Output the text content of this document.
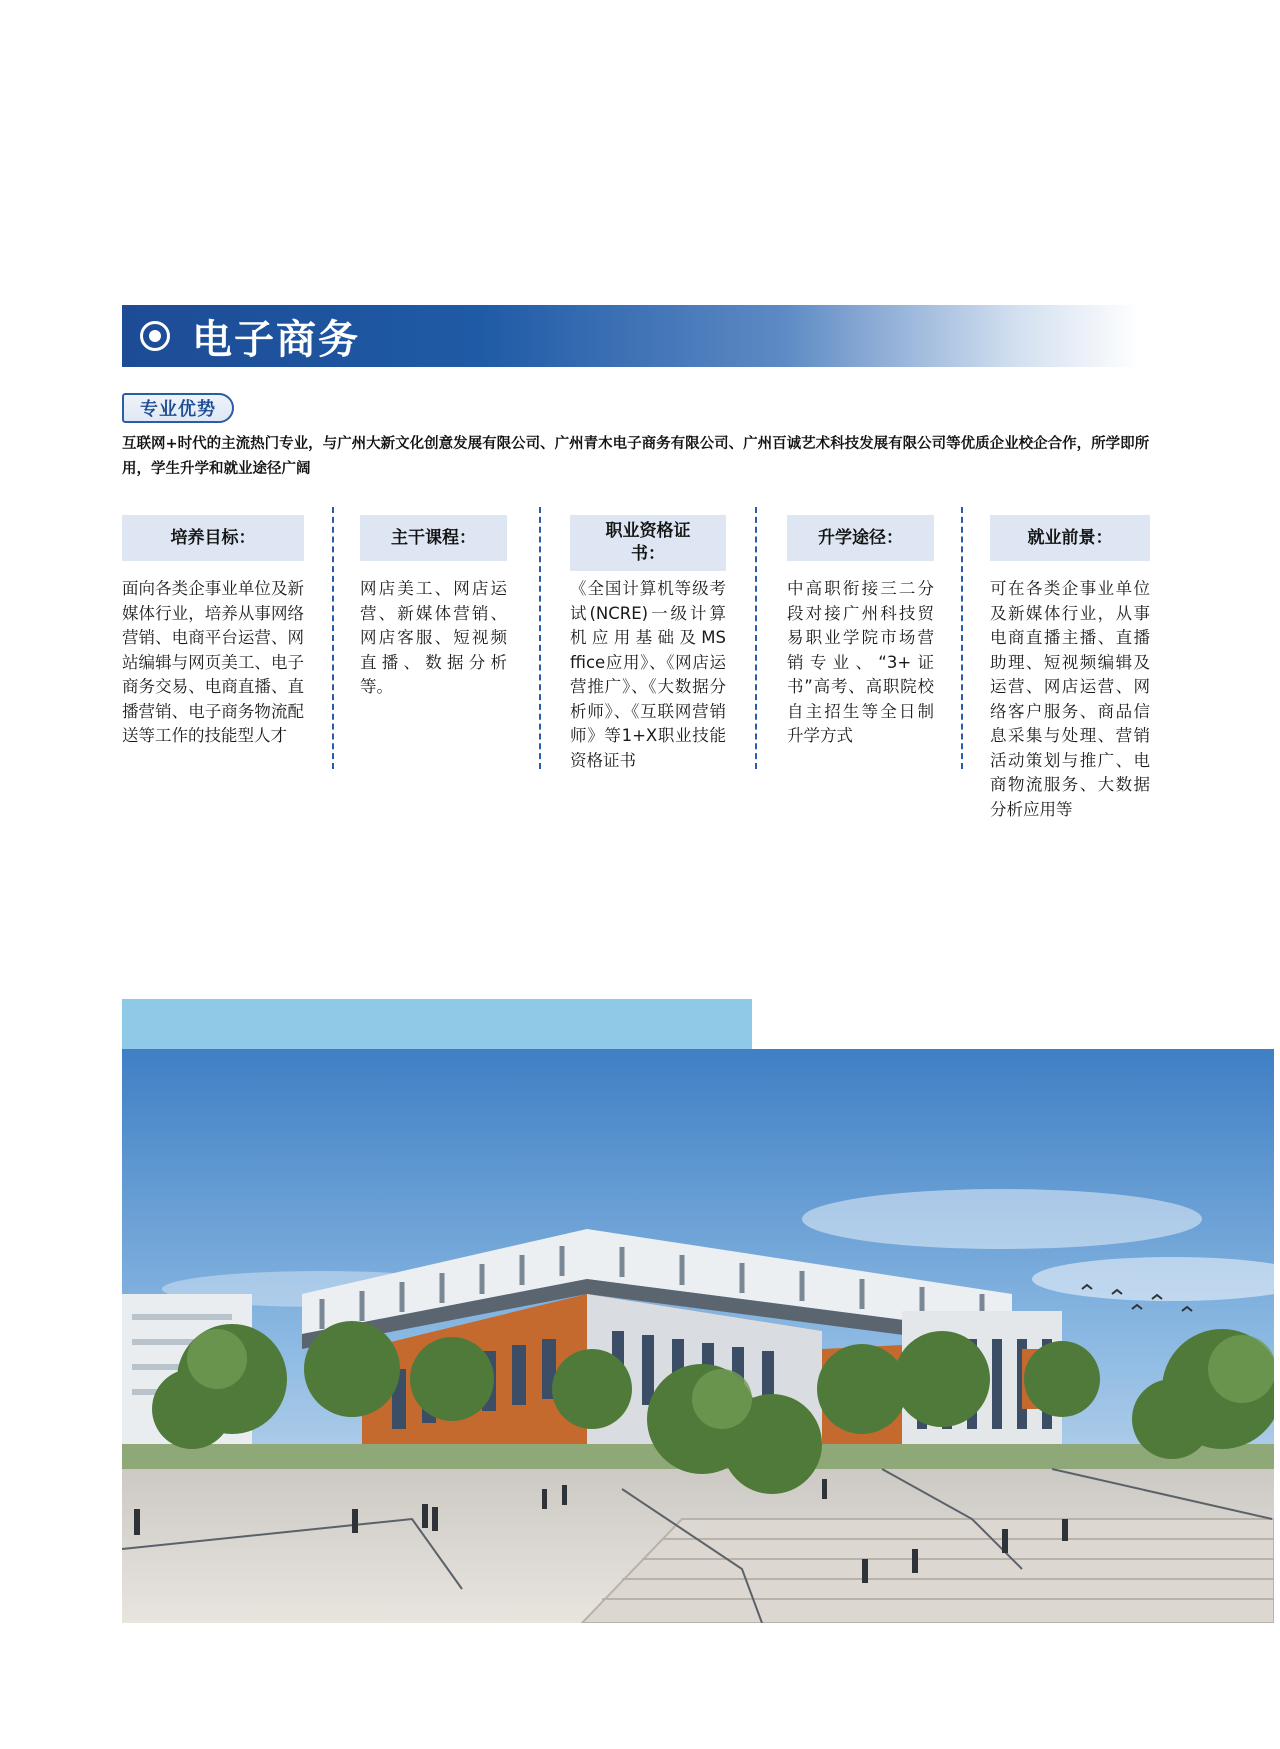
电子商务
专业优势

互联网+时代的主流热门专业，与广州大新文化创意发展有限公司、广州青木电子商务有限公司、广州百诚艺术科技发展有限公司等优质企业校企合作，所学即所用，学生升学和就业途径广阔

培养目标：

面向各类企事业单位及新媒体行业，培养从事网络营销、电商平台运营、网站编辑与网页美工、电子商务交易、电商直播、直播营销、电子商务物流配送等工作的技能型人才

主干课程：

网店美工、网店运营、新媒体营销、网店客服、短视频直播、数据分析等。

职业资格证书：

《全国计算机等级考试(NCRE)一级计算机应用基础及MS ffice应用》、《网店运营推广》、《大数据分析师》、《互联网营销师》等1+X职业技能资格证书

升学途径：

中高职衔接三二分段对接广州科技贸易职业学院市场营销专业、“3+证书”高考、高职院校自主招生等全日制升学方式

就业前景：

可在各类企事业单位及新媒体行业，从事电商直播主播、直播助理、短视频编辑及运营、网店运营、网络客户服务、商品信息采集与处理、营销活动策划与推广、电商物流服务、大数据分析应用等
